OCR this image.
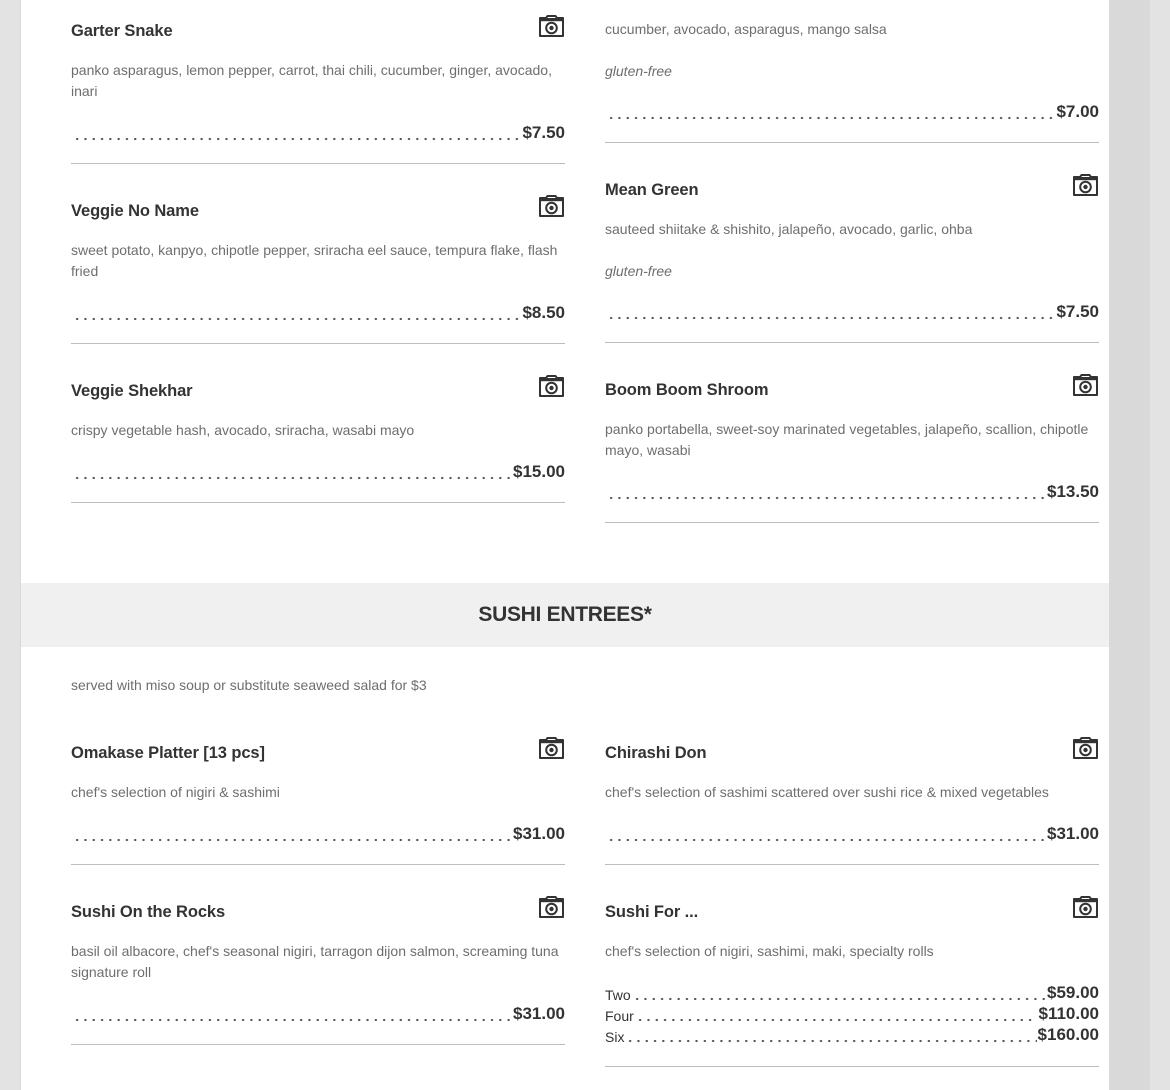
Garter Snake
panko asparagus, lemon pepper, carrot, thai chili, cucumber, ginger, avocado, inari
$7.50
cucumber, avocado, asparagus, mango salsa
gluten-free
$7.00
Veggie No Name
sweet potato, kanpyo, chipotle pepper, sriracha eel sauce, tempura flake, flash fried
$8.50
Mean Green
sauteed shiitake & shishito, jalapeño, avocado, garlic, ohba
gluten-free
$7.50
Veggie Shekhar
crispy vegetable hash, avocado, sriracha, wasabi mayo
$15.00
Boom Boom Shroom
panko portabella, sweet-soy marinated vegetables, jalapeño, scallion, chipotle mayo, wasabi
$13.50
SUSHI ENTREES*
served with miso soup or substitute seaweed salad for $3
Omakase Platter [13 pcs]
chef's selection of nigiri & sashimi
$31.00
Chirashi Don
chef's selection of sashimi scattered over sushi rice & mixed vegetables
$31.00
Sushi On the Rocks
basil oil albacore, chef's seasonal nigiri, tarragon dijon salmon, screaming tuna signature roll
$31.00
Sushi For ...
chef's selection of nigiri, sashimi, maki, specialty rolls
Two	$59.00
Four	$110.00
Six	$160.00
